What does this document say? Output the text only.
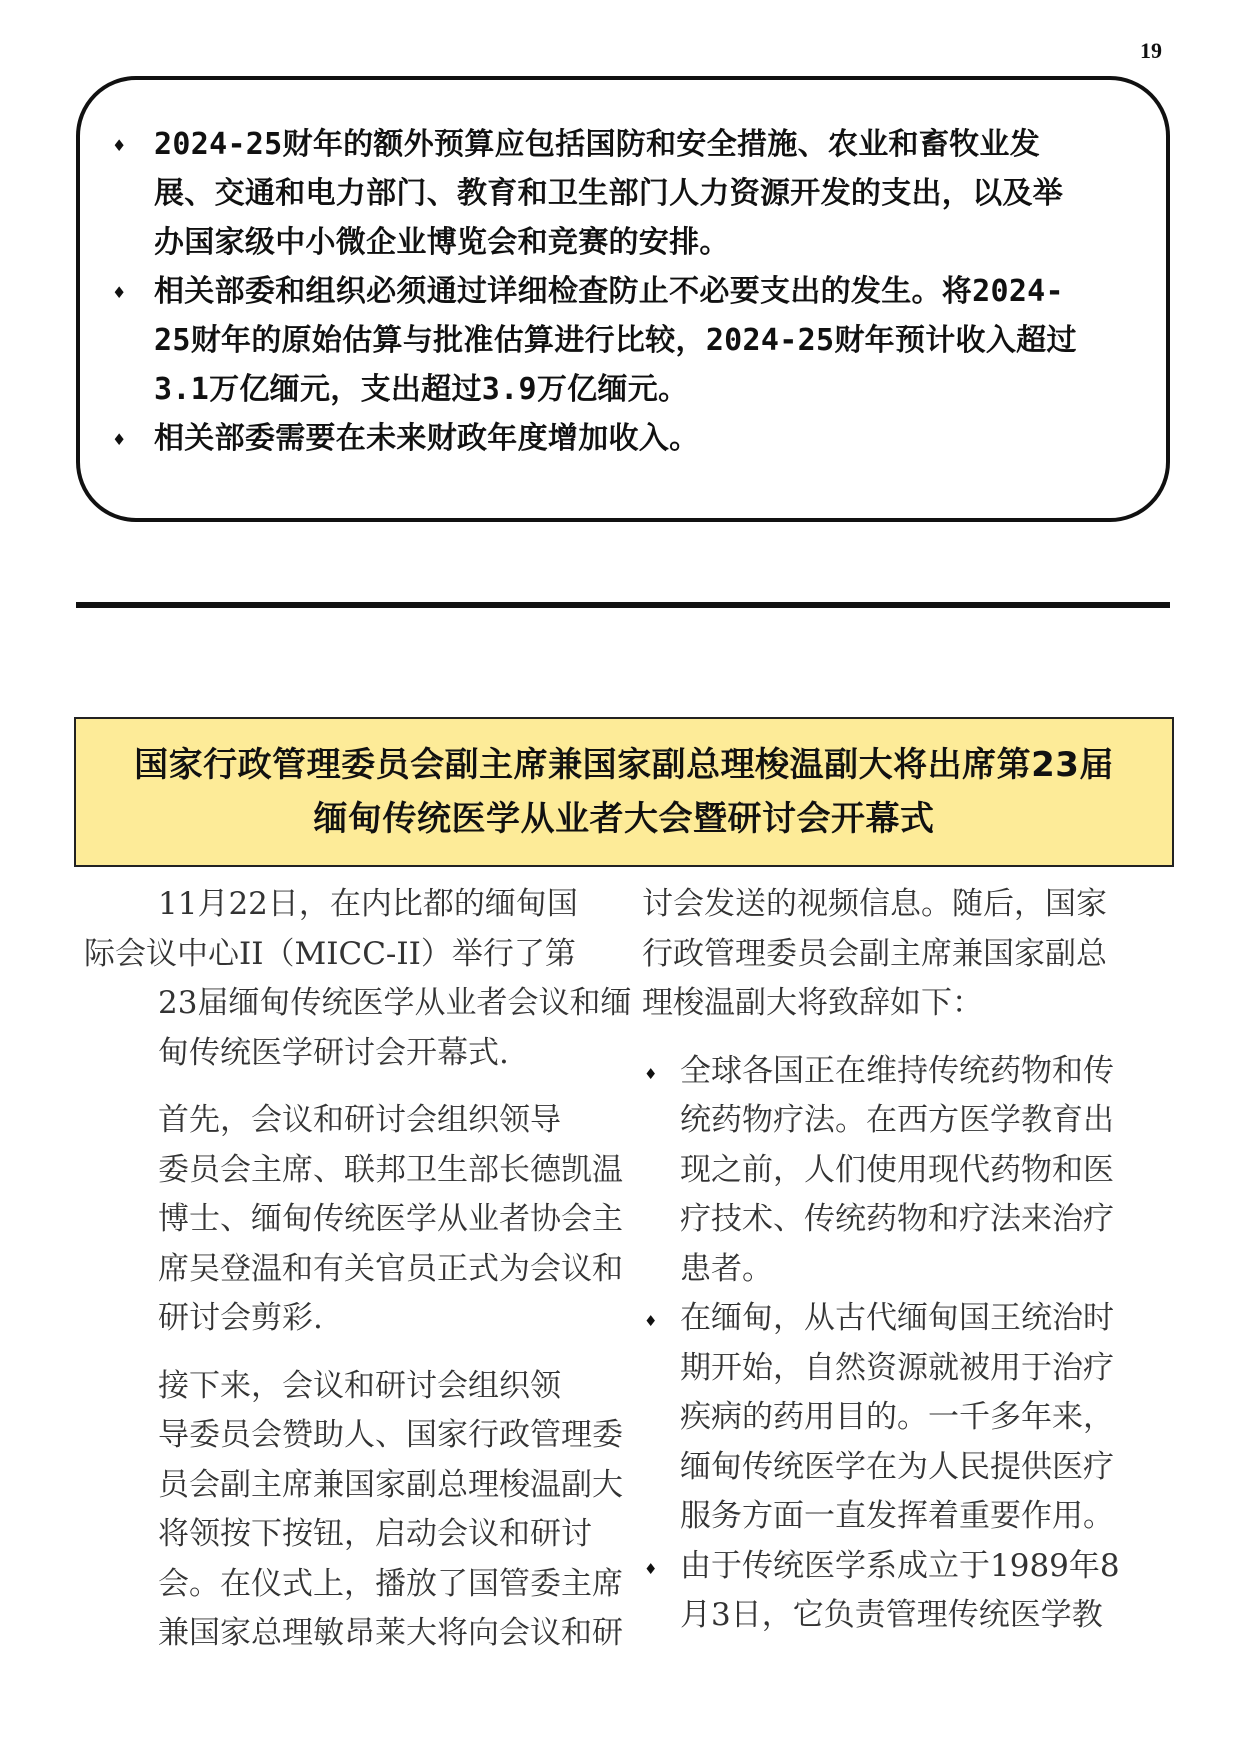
19
♦ 2024-25财年的额外预算应包括国防和安全措施、农业和畜牧业发
展、交通和电力部门、教育和卫生部门人力资源开发的支出，以及举
办国家级中小微企业博览会和竞赛的安排。
♦ 相关部委和组织必须通过详细检查防止不必要支出的发生。将2024-
25财年的原始估算与批准估算进行比较，2024-25财年预计收入超过
3.1万亿缅元，支出超过3.9万亿缅元。
♦ 相关部委需要在未来财政年度增加收入。
国家行政管理委员会副主席兼国家副总理梭温副大将出席第23届
缅甸传统医学从业者大会暨研讨会开幕式

11月22日，在内比都的缅甸国

际会议中心II（MICC-II）举行了第
23届缅甸传统医学从业者会议和缅
甸传统医学研讨会开幕式.

首先，会议和研讨会组织领导

委员会主席、联邦卫生部长德凯温
博士、缅甸传统医学从业者协会主
席吴登温和有关官员正式为会议和
研讨会剪彩.

接下来，会议和研讨会组织领

导委员会赞助人、国家行政管理委
员会副主席兼国家副总理梭温副大
将领按下按钮，启动会议和研讨
会。在仪式上，播放了国管委主席
兼国家总理敏昂莱大将向会议和研

讨会发送的视频信息。随后，国家
行政管理委员会副主席兼国家副总
理梭温副大将致辞如下：

♦ 全球各国正在维持传统药物和传
统药物疗法。在西方医学教育出
现之前，人们使用现代药物和医
疗技术、传统药物和疗法来治疗
患者。
♦ 在缅甸，从古代缅甸国王统治时
期开始，自然资源就被用于治疗
疾病的药用目的。一千多年来，
缅甸传统医学在为人民提供医疗
服务方面一直发挥着重要作用。
♦ 由于传统医学系成立于1989年8
月3日，它负责管理传统医学教
